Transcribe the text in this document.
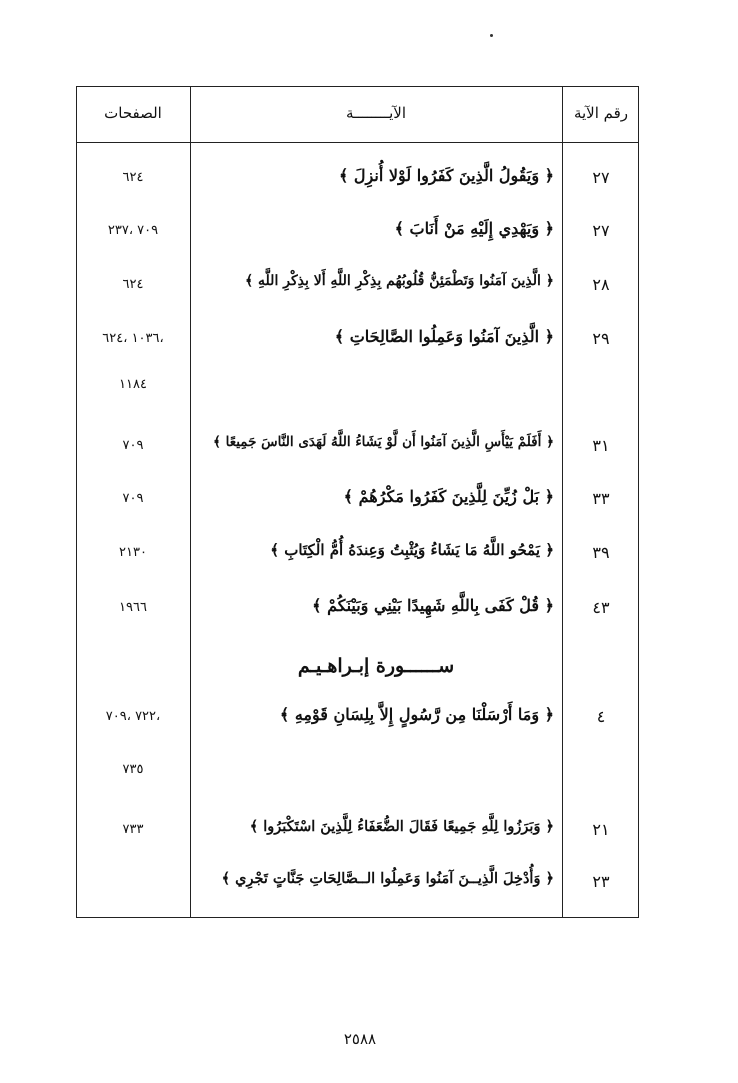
رقم الآية
الآيــــــــة
الصفحات
٢٧
﴿ وَيَقُولُ الَّذِينَ كَفَرُوا لَوْلا أُنزِلَ ﴾
٦٢٤
٢٧
﴿ وَيَهْدِي إِلَيْهِ مَنْ أَنَابَ ﴾
٧٠٩ ،٢٣٧
٢٨
﴿ الَّذِينَ آمَنُوا وَتَطْمَئِنُّ قُلُوبُهُم بِذِكْرِ اللَّهِ أَلا بِذِكْرِ اللَّهِ ﴾
٦٢٤
٢٩
﴿ الَّذِينَ آمَنُوا وَعَمِلُوا الصَّالِحَاتِ ﴾
،١٠٣٦ ،٦٢٤
١١٨٤
٣١
﴿ أَفَلَمْ يَيْأَسِ الَّذِينَ آمَنُوا أَن لَّوْ يَشَاءُ اللَّهُ لَهَدَى النَّاسَ جَمِيعًا ﴾
٧٠٩
٣٣
﴿ بَلْ زُيِّنَ لِلَّذِينَ كَفَرُوا مَكْرُهُمْ ﴾
٧٠٩
٣٩
﴿ يَمْحُو اللَّهُ مَا يَشَاءُ وَيُثْبِتُ وَعِندَهُ أُمُّ الْكِتَابِ ﴾
٢١٣٠
٤٣
﴿ قُلْ كَفَى بِاللَّهِ شَهِيدًا بَيْنِي وَبَيْنَكُمْ ﴾
١٩٦٦
ســــــورة إبـراهـيـم
٤
﴿ وَمَا أَرْسَلْنَا مِن رَّسُولٍ إِلاَّ بِلِسَانِ قَوْمِهِ ﴾
،٧٢٢ ،٧٠٩
٧٣٥
٢١
﴿ وَبَرَزُوا لِلَّهِ جَمِيعًا فَقَالَ الضُّعَفَاءُ لِلَّذِينَ اسْتَكْبَرُوا ﴾
٧٣٣
٢٣
﴿ وَأُدْخِلَ الَّذِيــنَ آمَنُوا وَعَمِلُوا الــصَّالِحَاتِ جَنَّاتٍ تَجْرِي ﴾
٢٥٨٨
